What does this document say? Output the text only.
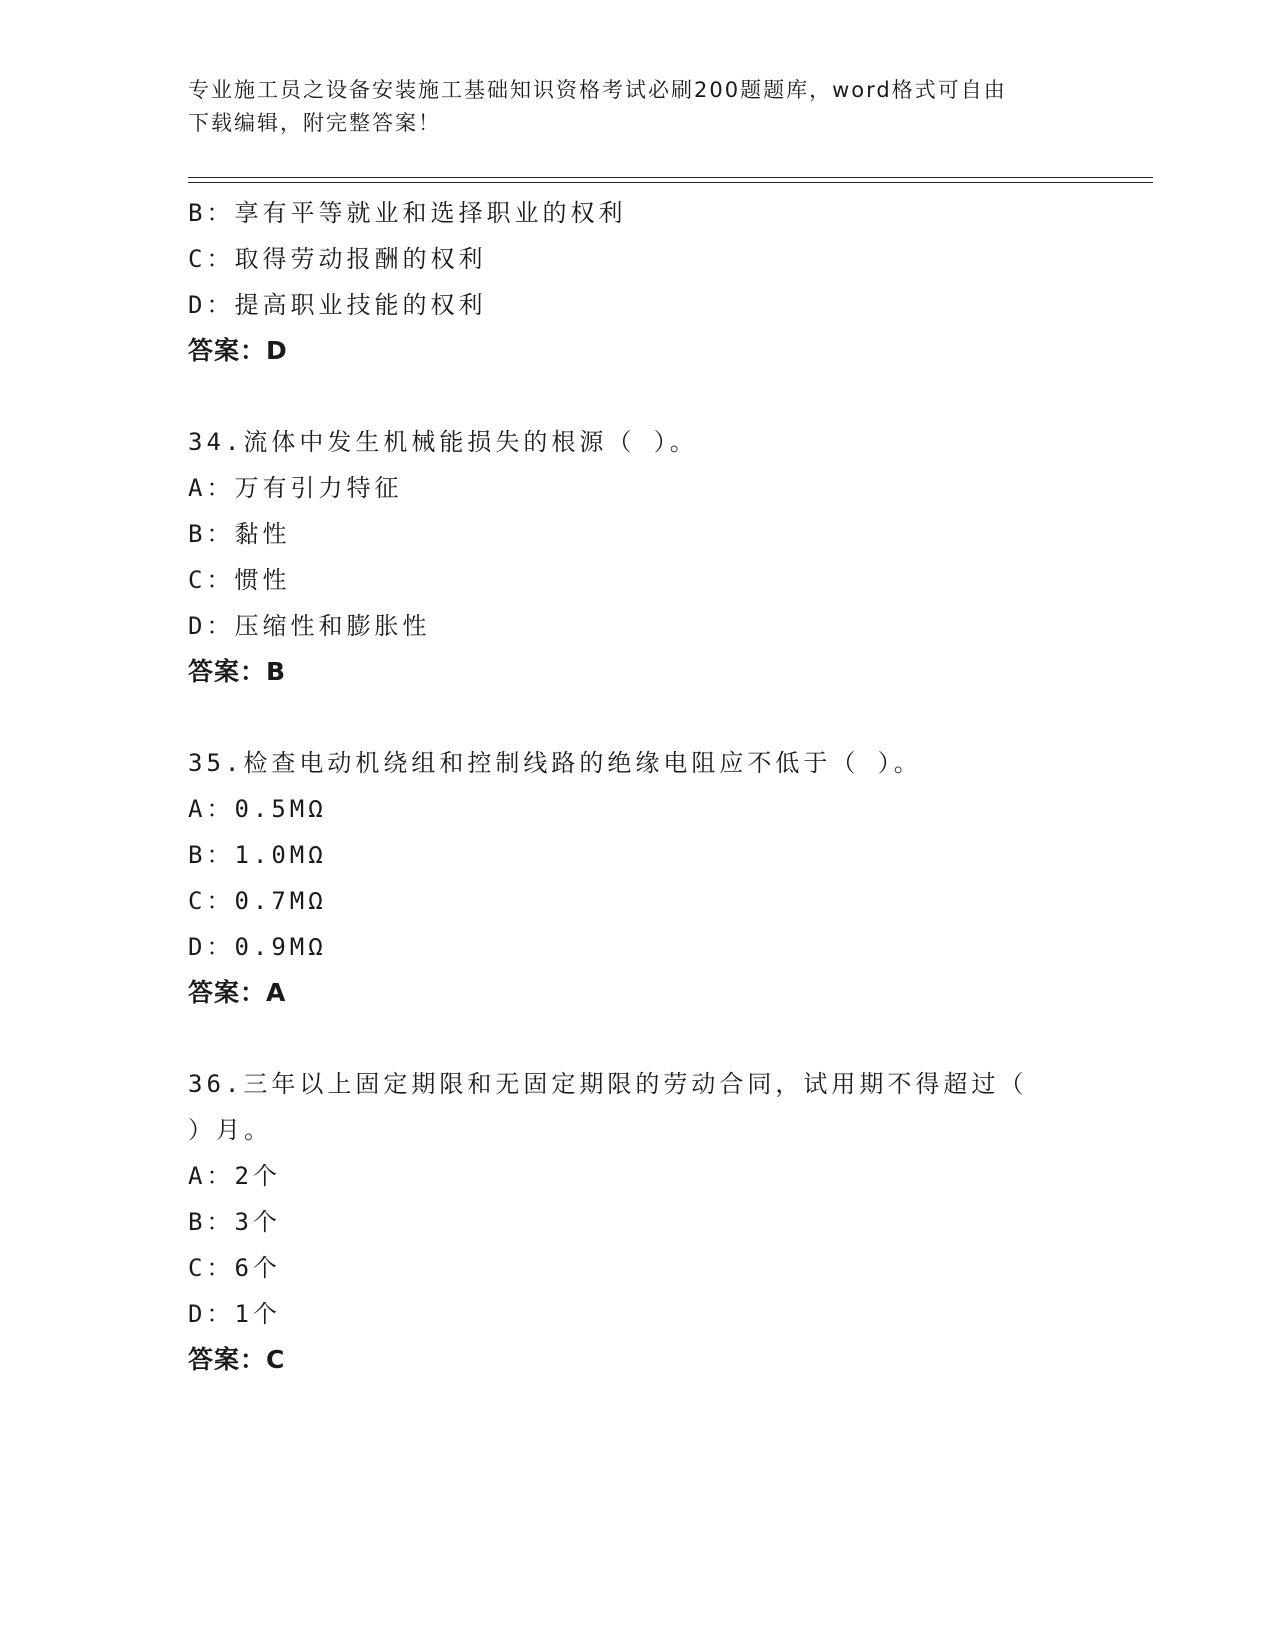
专业施工员之设备安装施工基础知识资格考试必刷200题题库，word格式可自由
下载编辑，附完整答案！
B：享有平等就业和选择职业的权利
C：取得劳动报酬的权利
D：提高职业技能的权利
答案：D
34.流体中发生机械能损失的根源（ ）。
A：万有引力特征
B：黏性
C：惯性
D：压缩性和膨胀性
答案：B
35.检查电动机绕组和控制线路的绝缘电阻应不低于（ ）。
A：0.5MΩ
B：1.0MΩ
C：0.7MΩ
D：0.9MΩ
答案：A
36.三年以上固定期限和无固定期限的劳动合同，试用期不得超过（
）月。
A：2个
B：3个
C：6个
D：1个
答案：C
